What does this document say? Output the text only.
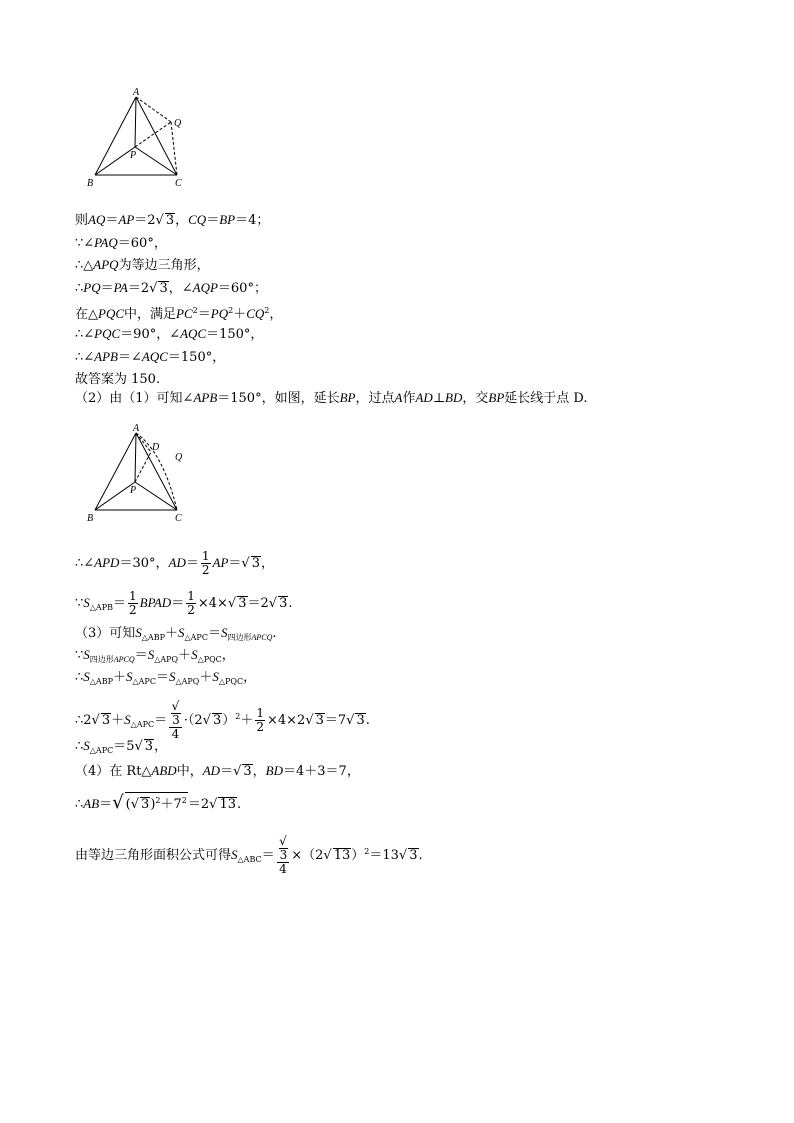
A
B	C
P
Q
则AQ＝AP＝2√ 3，CQ＝BP＝4；
∵∠PAQ＝60°，
∴△APQ为等边三角形，
∴PQ＝PA＝2√ 3，∠AQP＝60°；
在△PQC中，满足$PC^2=PQ^2+CQ^2$，
∴∠PQC＝90°，∠AQC＝150°，
∴∠APB＝∠AQC＝150°，
故答案为 150.
（2）由（1）可知∠APB＝150°，如图，延长BP，过点A作AD⊥BD，交BP延长线于点 D.
A
B	C
P
Q
D
∴∠APD＝30°，$AD= \frac{1}{2} AP=√$ 3，
$\because S_{\triangle APB}= \frac{1}{2}$ BPAD＝ $\frac{1}{2} \times 4\times√$ 3＝2√ 3.
（3）可知$S_{\triangle ABP}+S_{\triangle APC}=S_{四边形APCQ}$.
$\because S_{四边形APCQ}=S_{\triangle APQ}+S_{\triangle PQC}$，
$\therefore S_{\triangle ABP}+S_{\triangle APC}=S_{\triangle APQ}+S_{\triangle PQC}$，
∴2√ $3+S_{\triangle APC}=$ √
3
4 ·（2√ $3)^2+ \frac{1}{2} \times 4\times 2√$ 3＝7√ 3.
$\therefore S_{\triangle APC}=5√$ 3，
（4）在 Rt△ABD中，AD＝√ 3，BD＝4＋3＝7，
∴AB＝√ (√ $3)^2+7^2=2√$ 13.
由等边三角形面积公式可得$S_{\triangle ABC}=$ √
3
4 ×（2√ 13）$^2$＝13√ 3.
